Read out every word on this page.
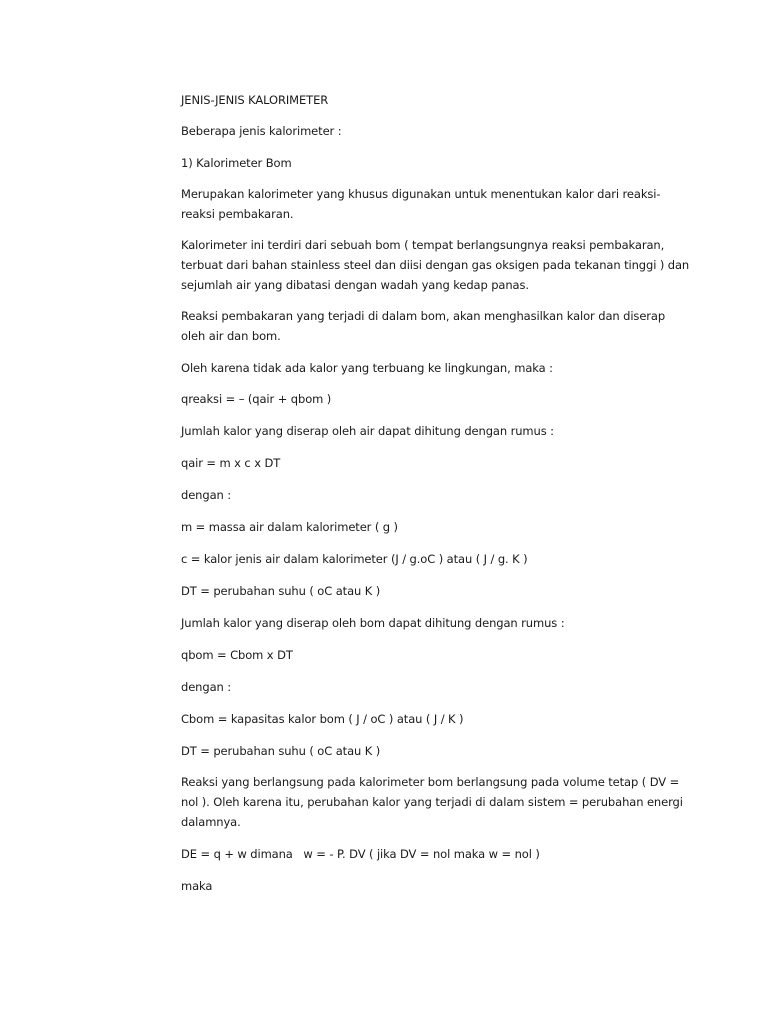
JENIS-JENIS KALORIMETER

Beberapa jenis kalorimeter :

1) Kalorimeter Bom

Merupakan kalorimeter yang khusus digunakan untuk menentukan kalor dari reaksi-

reaksi pembakaran.

Kalorimeter ini terdiri dari sebuah bom ( tempat berlangsungnya reaksi pembakaran,

terbuat dari bahan stainless steel dan diisi dengan gas oksigen pada tekanan tinggi ) dan

sejumlah air yang dibatasi dengan wadah yang kedap panas.

Reaksi pembakaran yang terjadi di dalam bom, akan menghasilkan kalor dan diserap

oleh air dan bom.

Oleh karena tidak ada kalor yang terbuang ke lingkungan, maka :

qreaksi = – (qair + qbom )

Jumlah kalor yang diserap oleh air dapat dihitung dengan rumus :

qair = m x c x DT

dengan :

m = massa air dalam kalorimeter ( g )

c = kalor jenis air dalam kalorimeter (J / g.oC ) atau ( J / g. K )

DT = perubahan suhu ( oC atau K )

Jumlah kalor yang diserap oleh bom dapat dihitung dengan rumus :

qbom = Cbom x DT

dengan :

Cbom = kapasitas kalor bom ( J / oC ) atau ( J / K )

DT = perubahan suhu ( oC atau K )

Reaksi yang berlangsung pada kalorimeter bom berlangsung pada volume tetap ( DV =

nol ). Oleh karena itu, perubahan kalor yang terjadi di dalam sistem = perubahan energi

dalamnya.

DE = q + w dimana   w = - P. DV ( jika DV = nol maka w = nol )

maka
